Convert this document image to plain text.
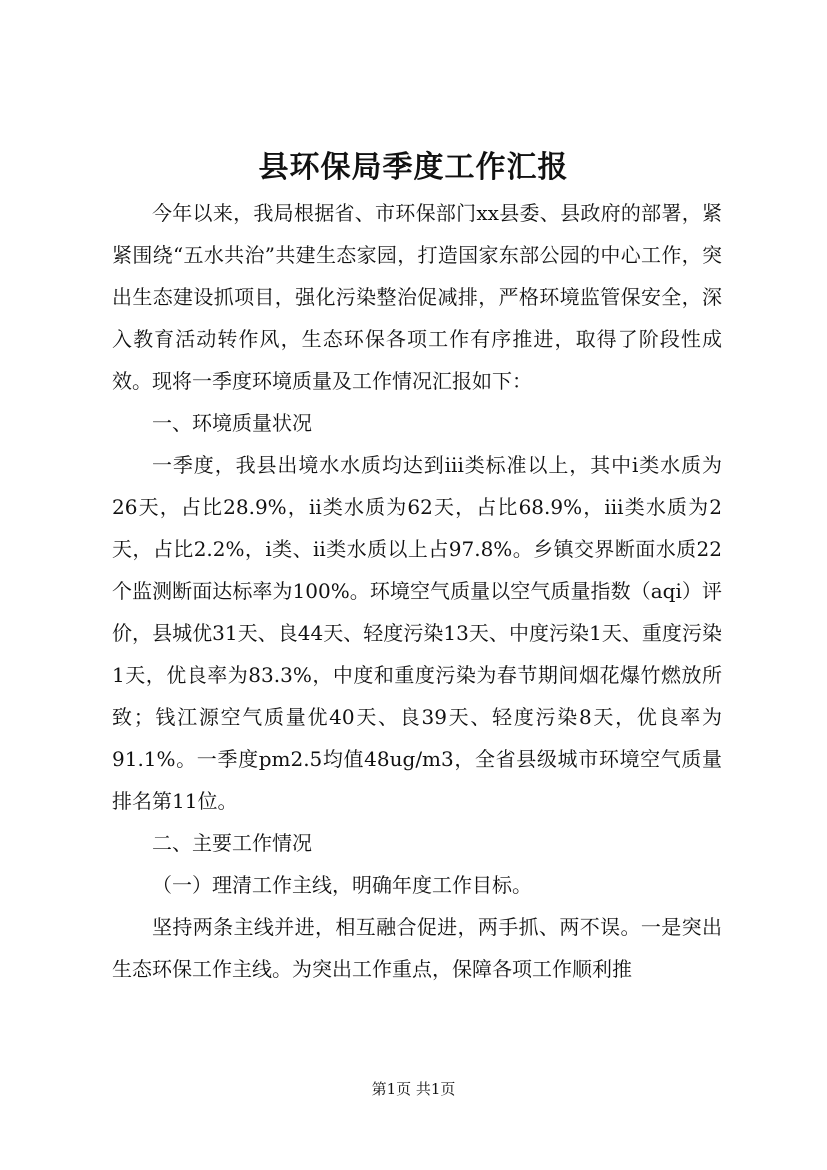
县环保局季度工作汇报

今年以来，我局根据省、市环保部门xx县委、县政府的部署，紧紧围绕“五水共治”共建生态家园，打造国家东部公园的中心工作，突出生态建设抓项目，强化污染整治促减排，严格环境监管保安全，深入教育活动转作风，生态环保各项工作有序推进，取得了阶段性成效。现将一季度环境质量及工作情况汇报如下：

一、环境质量状况

一季度，我县出境水水质均达到iii类标准以上，其中i类水质为26天，占比28.9%，ii类水质为62天，占比68.9%，iii类水质为2天，占比2.2%，i类、ii类水质以上占97.8%。乡镇交界断面水质22个监测断面达标率为100%。环境空气质量以空气质量指数（aqi）评价，县城优31天、良44天、轻度污染13天、中度污染1天、重度污染1天，优良率为83.3%，中度和重度污染为春节期间烟花爆竹燃放所致；钱江源空气质量优40天、良39天、轻度污染8天，优良率为91.1%。一季度pm2.5均值48ug/m3，全省县级城市环境空气质量排名第11位。

二、主要工作情况

（一）理清工作主线，明确年度工作目标。

坚持两条主线并进，相互融合促进，两手抓、两不误。一是突出生态环保工作主线。为突出工作重点，保障各项工作顺利推

第1页 共1页
